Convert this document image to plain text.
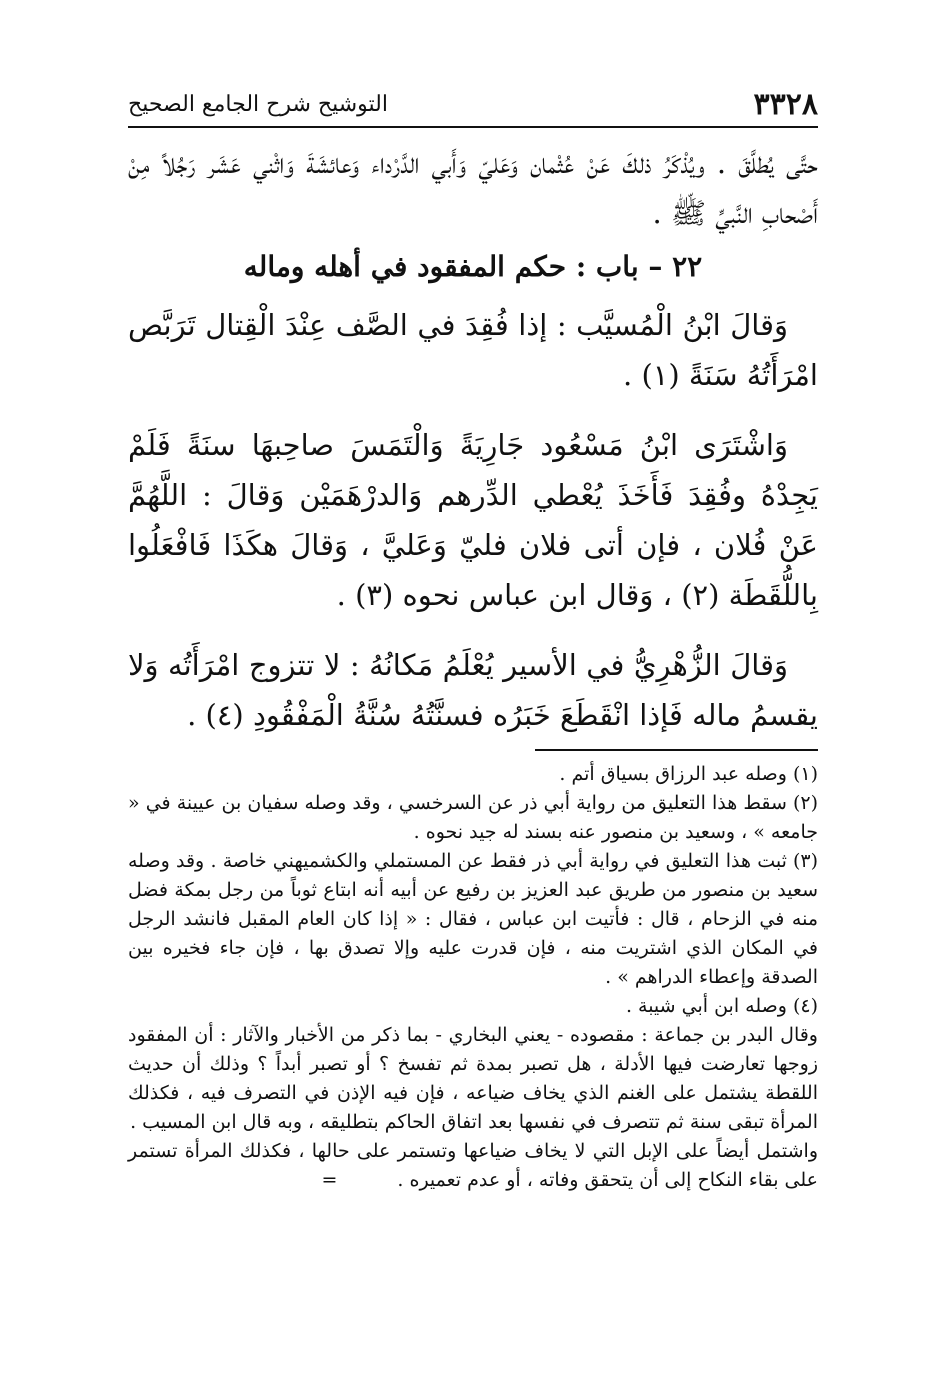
٣٣٢٨
التوشيح شرح الجامع الصحيح

حتَّى يُطلَّقَ . ويُذْكَرُ ذلكَ عَنْ عُثْمان وَعَليّ وَأَبي الدَّرْداء وَعائشَةَ وَاثْني عَشَر رَجُلاً مِنْ أَصْحابِ النَّبيِّ ﷺ .

٢٢ – باب : حكم المفقود في أهله وماله

وَقالَ ابْنُ الْمُسيَّب : إذا فُقِدَ في الصَّف عِنْدَ الْقِتال تَرَبَّص امْرَأَتُهُ سَنَةً (١) .

وَاشْتَرَى ابْنُ مَسْعُود جَارِيَةً وَالْتَمَسَ صاحِبهَا سنَةً فَلَمْ يَجِدْهُ وفُقِدَ فَأَخَذَ يُعْطي الدِّرهم وَالدرْهَمَيْن وَقالَ : اللَّهُمَّ عَنْ فُلان ، فإن أتى فلان فليّ وَعَليَّ ، وَقالَ هكَذَا فَافْعَلُوا بِاللُّقَطَة (٢) ، وَقال ابن عباس نحوه (٣) .

وَقالَ الزُّهْرِيُّ في الأسير يُعْلَمُ مَكانُهُ : لا تتزوج امْرَأَتُه وَلا يقسمُ ماله فَإذا انْقَطَعَ خَبَرُه فسنَّتُهُ سُنَّةُ الْمَفْقُودِ (٤) .

(١)وصله عبد الرزاق بسياق أتم .

(٢)سقط هذا التعليق من رواية أبي ذر عن السرخسي ، وقد وصله سفيان بن عيينة في « جامعه » ، وسعيد بن منصور عنه بسند له جيد نحوه .

(٣)ثبت هذا التعليق في رواية أبي ذر فقط عن المستملي والكشميهني خاصة . وقد وصله سعيد بن منصور من طريق عبد العزيز بن رفيع عن أبيه أنه ابتاع ثوباً من رجل بمكة فضل منه في الزحام ، قال : فأتيت ابن عباس ، فقال : « إذا كان العام المقبل فانشد الرجل في المكان الذي اشتريت منه ، فإن قدرت عليه وإلا تصدق بها ، فإن جاء فخيره بين الصدقة وإعطاء الدراهم » .

(٤)وصله ابن أبي شيبة .

وقال البدر بن جماعة : مقصوده - يعني البخاري - بما ذكر من الأخبار والآثار : أن المفقود زوجها تعارضت فيها الأدلة ، هل تصبر بمدة ثم تفسخ ؟ أو تصبر أبداً ؟ وذلك أن حديث اللقطة يشتمل على الغنم الذي يخاف ضياعه ، فإن فيه الإذن في التصرف فيه ، فكذلك المرأة تبقى سنة ثم تتصرف في نفسها بعد اتفاق الحاكم بتطليقه ، وبه قال ابن المسيب .

واشتمل أيضاً على الإبل التي لا يخاف ضياعها وتستمر على حالها ، فكذلك المرأة تستمر على بقاء النكاح إلى أن يتحقق وفاته ، أو عدم تعميره .=
